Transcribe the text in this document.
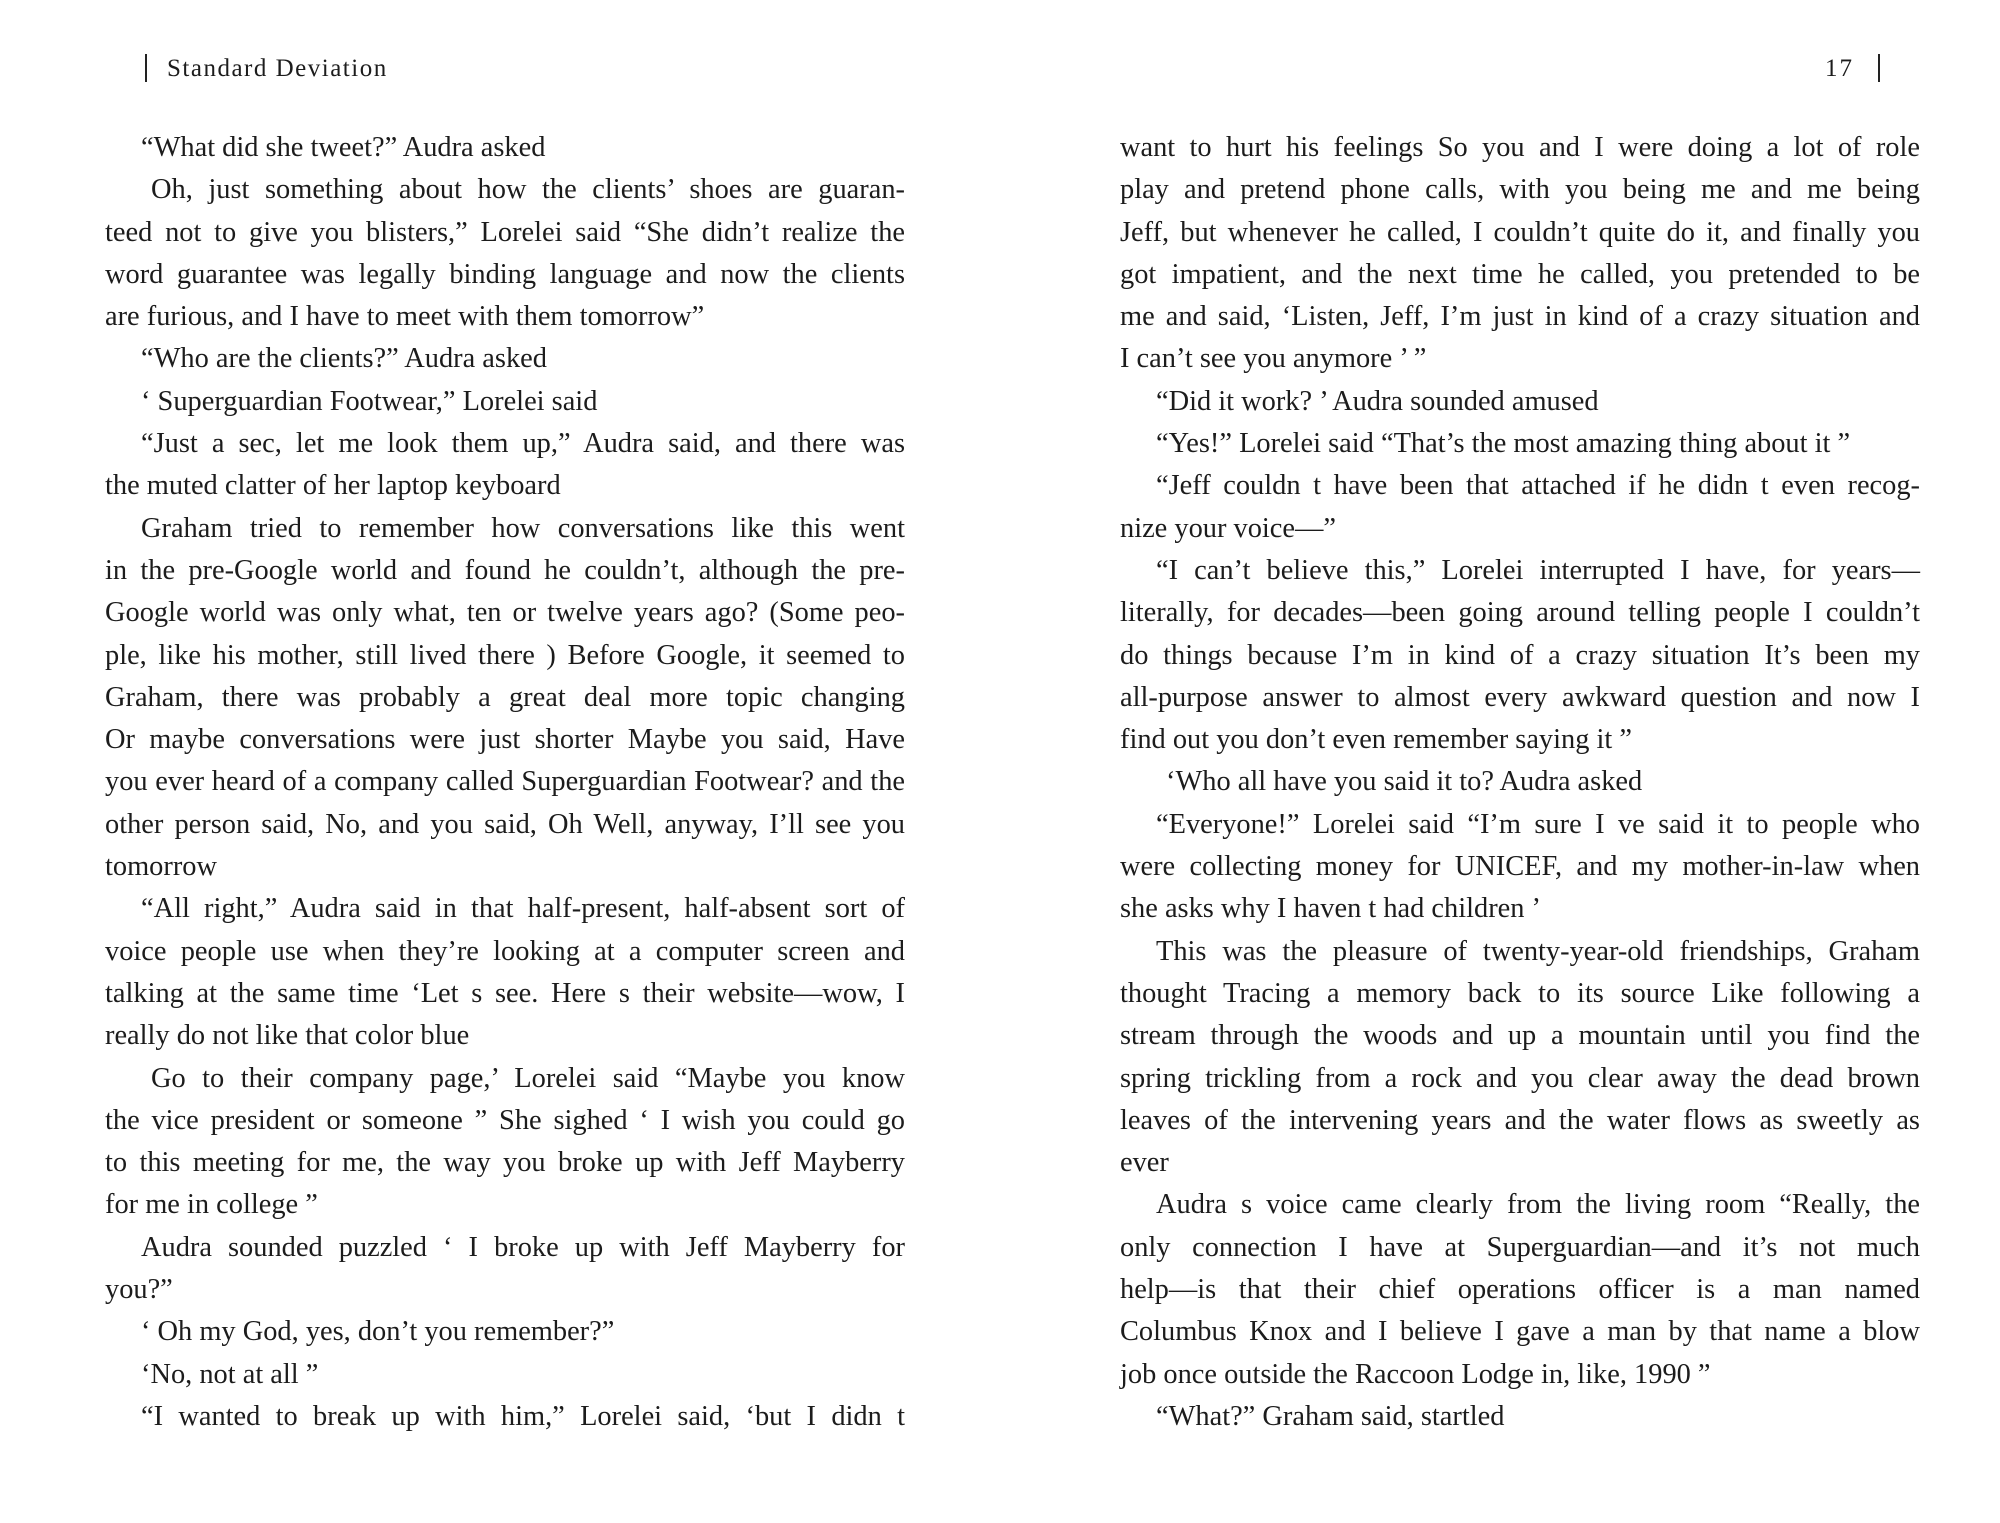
Standard Deviation
“What did she tweet?” Audra asked
Oh, just something about how the clients’ shoes are guaran-
teed not to give you blisters,” Lorelei said “She didn’t realize the
word guarantee was legally binding language and now the clients
are furious, and I have to meet with them tomorrow”
“Who are the clients?” Audra asked
‘ Superguardian Footwear,” Lorelei said
“Just a sec, let me look them up,” Audra said, and there was
the muted clatter of her laptop keyboard
Graham tried to remember how conversations like this went
in the pre-Google world and found he couldn’t, although the pre-
Google world was only what, ten or twelve years ago? (Some peo-
ple, like his mother, still lived there ) Before Google, it seemed to
Graham, there was probably a great deal more topic changing
Or maybe conversations were just shorter Maybe you said, Have
you ever heard of a company called Superguardian Footwear? and the
other person said, No, and you said, Oh Well, anyway, I’ll see you
tomorrow
“All right,” Audra said in that half-present, half-absent sort of
voice people use when they’re looking at a computer screen and
talking at the same time ‘Let s see. Here s their website—wow, I
really do not like that color blue
Go to their company page,’ Lorelei said “Maybe you know
the vice president or someone ” She sighed ‘ I wish you could go
to this meeting for me, the way you broke up with Jeff Mayberry
for me in college ”
Audra sounded puzzled ‘ I broke up with Jeff Mayberry for
you?”
‘ Oh my God, yes, don’t you remember?”
‘No, not at all ”
“I wanted to break up with him,” Lorelei said, ‘but I didn t
17
want to hurt his feelings So you and I were doing a lot of role
play and pretend phone calls, with you being me and me being
Jeff, but whenever he called, I couldn’t quite do it, and finally you
got impatient, and the next time he called, you pretended to be
me and said, ‘Listen, Jeff, I’m just in kind of a crazy situation and
I can’t see you anymore ’ ”
“Did it work? ’ Audra sounded amused
“Yes!” Lorelei said “That’s the most amazing thing about it ”
“Jeff couldn t have been that attached if he didn t even recog-
nize your voice—”
“I can’t believe this,” Lorelei interrupted I have, for years—
literally, for decades—been going around telling people I couldn’t
do things because I’m in kind of a crazy situation It’s been my
all-purpose answer to almost every awkward question and now I
find out you don’t even remember saying it ”
‘Who all have you said it to? Audra asked
“Everyone!” Lorelei said “I’m sure I ve said it to people who
were collecting money for UNICEF, and my mother-in-law when
she asks why I haven t had children ’
This was the pleasure of twenty-year-old friendships, Graham
thought Tracing a memory back to its source Like following a
stream through the woods and up a mountain until you find the
spring trickling from a rock and you clear away the dead brown
leaves of the intervening years and the water flows as sweetly as
ever
Audra s voice came clearly from the living room “Really, the
only connection I have at Superguardian—and it’s not much
help—is that their chief operations officer is a man named
Columbus Knox and I believe I gave a man by that name a blow
job once outside the Raccoon Lodge in, like, 1990 ”
“What?” Graham said, startled
